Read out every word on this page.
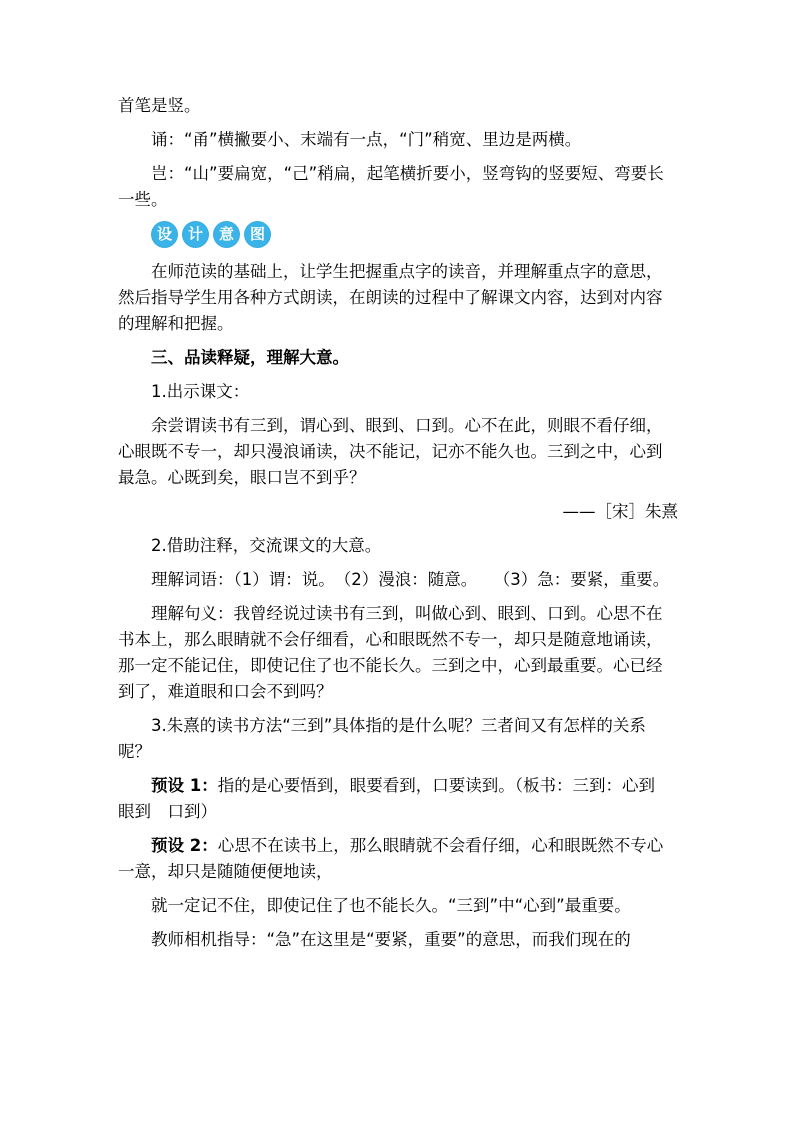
首笔是竖。

诵：“甬”横撇要小、末端有一点，“门”稍宽、里边是两横。

岂：“山”要扁宽，“己”稍扁，起笔横折要小，竖弯钩的竖要短、弯要长一些。

设	计	意	图

在师范读的基础上，让学生把握重点字的读音，并理解重点字的意思，然后指导学生用各种方式朗读，在朗读的过程中了解课文内容，达到对内容的理解和把握。

三、品读释疑，理解大意。

1.出示课文：

余尝谓读书有三到，谓心到、眼到、口到。心不在此，则眼不看仔细，心眼既不专一，却只漫浪诵读，决不能记，记亦不能久也。三到之中，心到最急。心既到矣，眼口岂不到乎？

——［宋］朱熹

2.借助注释，交流课文的大意。

理解词语：（1）谓：说。　（2）漫浪：随意。　　（3）急：要紧，重要。

理解句义：我曾经说过读书有三到，叫做心到、眼到、口到。心思不在书本上，那么眼睛就不会仔细看，心和眼既然不专一，却只是随意地诵读，那一定不能记住，即使记住了也不能长久。三到之中，心到最重要。心已经到了，难道眼和口会不到吗？

3.朱熹的读书方法“三到”具体指的是什么呢？三者间又有怎样的关系呢？

预设 1：指的是心要悟到，眼要看到，口要读到。（板书：三到：心到　眼到　口到）

预设 2：心思不在读书上，那么眼睛就不会看仔细，心和眼既然不专心一意，却只是随随便便地读，

就一定记不住，即使记住了也不能长久。“三到”中“心到”最重要。

教师相机指导：“急”在这里是“要紧，重要”的意思，而我们现在的
